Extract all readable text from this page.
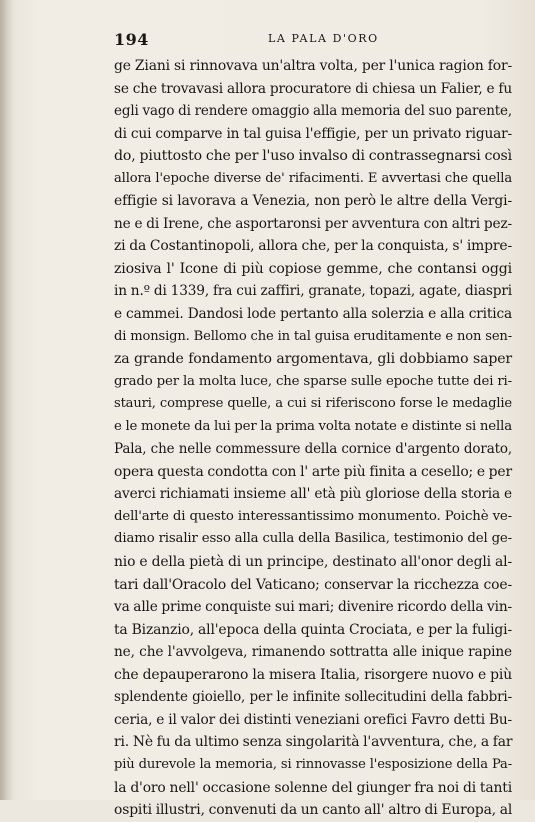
194	LA PALA D'ORO
ge Ziani si rinnovava un'altra volta, per l'unica ragion for-
se che trovavasi allora procuratore di chiesa un Falier, e fu
egli vago di rendere omaggio alla memoria del suo parente,
di cui comparve in tal guisa l'effigie, per un privato riguar-
do, piuttosto che per l'uso invalso di contrassegnarsi così
allora l'epoche diverse de' rifacimenti. E avvertasi che quella
effigie si lavorava a Venezia, non però le altre della Vergi-
ne e di Irene, che asportaronsi per avventura con altri pez-
zi da Costantinopoli, allora che, per la conquista, s' impre-
ziosiva l' Icone di più copiose gemme, che contansi oggi
in n.º di 1339, fra cui zaffiri, granate, topazi, agate, diaspri
e cammei. Dandosi lode pertanto alla solerzia e alla critica
di monsign. Bellomo che in tal guisa eruditamente e non sen-
za grande fondamento argomentava, gli dobbiamo saper
grado per la molta luce, che sparse sulle epoche tutte dei ri-
stauri, comprese quelle, a cui si riferiscono forse le medaglie
e le monete da lui per la prima volta notate e distinte si nella
Pala, che nelle commessure della cornice d'argento dorato,
opera questa condotta con l' arte più finita a cesello; e per
averci richiamati insieme all' età più gloriose della storia e
dell'arte di questo interessantissimo monumento. Poichè ve-
diamo risalir esso alla culla della Basilica, testimonio del ge-
nio e della pietà di un principe, destinato all'onor degli al-
tari dall'Oracolo del Vaticano; conservar la ricchezza coe-
va alle prime conquiste sui mari; divenire ricordo della vin-
ta Bizanzio, all'epoca della quinta Crociata, e per la fuligi-
ne, che l'avvolgeva, rimanendo sottratta alle inique rapine
che depauperarono la misera Italia, risorgere nuovo e più
splendente gioiello, per le infinite sollecitudini della fabbri-
ceria, e il valor dei distinti veneziani orefici Favro detti Bu-
ri. Nè fu da ultimo senza singolarità l'avventura, che, a far
più durevole la memoria, si rinnovasse l'esposizione della Pa-
la d'oro nell' occasione solenne del giunger fra noi di tanti
ospiti illustri, convenuti da un canto all' altro di Europa, al
